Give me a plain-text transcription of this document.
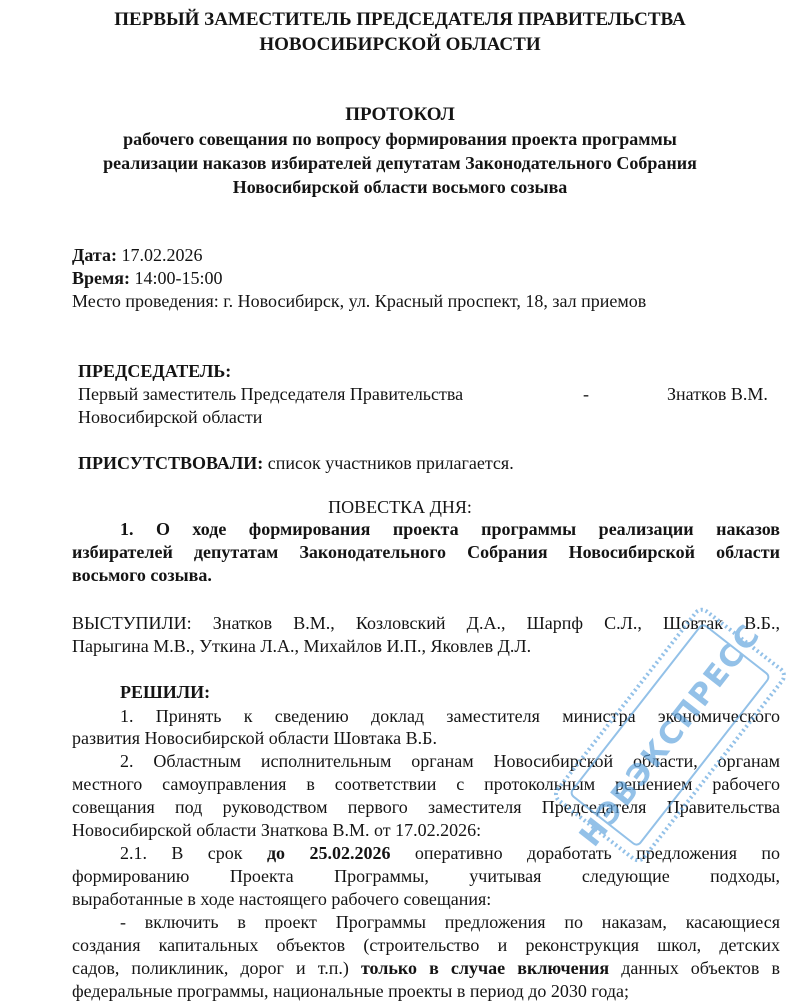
ПЕРВЫЙ ЗАМЕСТИТЕЛЬ ПРЕДСЕДАТЕЛЯ ПРАВИТЕЛЬСТВА
НОВОСИБИРСКОЙ ОБЛАСТИ
ПРОТОКОЛ
рабочего совещания по вопросу формирования проекта программы
реализации наказов избирателей депутатам Законодательного Собрания
Новосибирской области восьмого созыва
Дата: 17.02.2026
Время: 14:00-15:00
Место проведения: г. Новосибирск, ул. Красный проспект, 18, зал приемов
ПРЕДСЕДАТЕЛЬ:
Первый заместитель Председателя Правительства	-	Знатков В.М.
Новосибирской области
ПРИСУТСТВОВАЛИ: список участников прилагается.
ПОВЕСТКА ДНЯ:
1. О ходе формирования проекта программы реализации наказов
избирателей депутатам Законодательного Собрания Новосибирской области
восьмого созыва.
ВЫСТУПИЛИ: Знатков В.М., Козловский Д.А., Шарпф С.Л., Шовтак В.Б.,
Парыгина М.В., Уткина Л.А., Михайлов И.П., Яковлев Д.Л.
РЕШИЛИ:
1. Принять к сведению доклад заместителя министра экономического
развития Новосибирской области Шовтака В.Б.
2. Областным исполнительным органам Новосибирской области, органам
местного самоуправления в соответствии с протокольным решением рабочего
совещания под руководством первого заместителя Председателя Правительства
Новосибирской области Знаткова В.М. от 17.02.2026:
2.1. В срок до 25.02.2026 оперативно доработать предложения по
формированию Проекта Программы, учитывая следующие подходы,
выработанные в ходе настоящего рабочего совещания:
- включить в проект Программы предложения по наказам, касающиеся
создания капитальных объектов (строительство и реконструкция школ, детских
садов, поликлиник, дорог и т.п.) только в случае включения данных объектов в
федеральные программы, национальные проекты в период до 2030 года;
НЭВЭКСПРЕСС
